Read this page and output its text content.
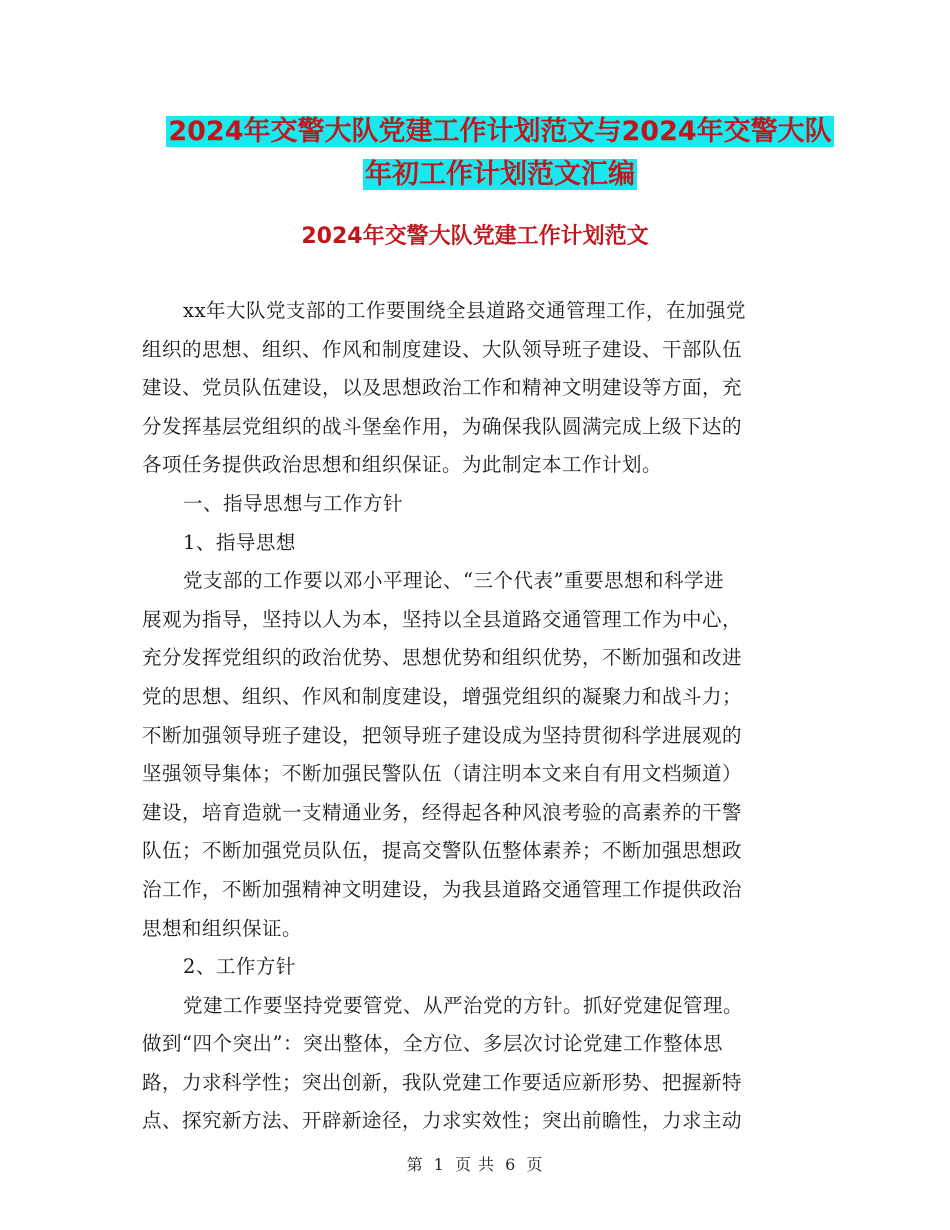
2024年交警大队党建工作计划范文与2024年交警大队
年初工作计划范文汇编
2024年交警大队党建工作计划范文
xx年大队党支部的工作要围绕全县道路交通管理工作，在加强党
组织的思想、组织、作风和制度建设、大队领导班子建设、干部队伍
建设、党员队伍建设，以及思想政治工作和精神文明建设等方面，充
分发挥基层党组织的战斗堡垒作用，为确保我队圆满完成上级下达的
各项任务提供政治思想和组织保证。为此制定本工作计划。
一、指导思想与工作方针
1、指导思想
党支部的工作要以邓小平理论、“三个代表”重要思想和科学进
展观为指导，坚持以人为本，坚持以全县道路交通管理工作为中心，
充分发挥党组织的政治优势、思想优势和组织优势，不断加强和改进
党的思想、组织、作风和制度建设，增强党组织的凝聚力和战斗力；
不断加强领导班子建设，把领导班子建设成为坚持贯彻科学进展观的
坚强领导集体；不断加强民警队伍（请注明本文来自有用文档频道）
建设，培育造就一支精通业务，经得起各种风浪考验的高素养的干警
队伍；不断加强党员队伍，提高交警队伍整体素养；不断加强思想政
治工作，不断加强精神文明建设，为我县道路交通管理工作提供政治
思想和组织保证。
2、工作方针
党建工作要坚持党要管党、从严治党的方针。抓好党建促管理。
做到“四个突出”：突出整体，全方位、多层次讨论党建工作整体思
路，力求科学性；突出创新，我队党建工作要适应新形势、把握新特
点、探究新方法、开辟新途径，力求实效性；突出前瞻性，力求主动
第 1 页 共 6 页
